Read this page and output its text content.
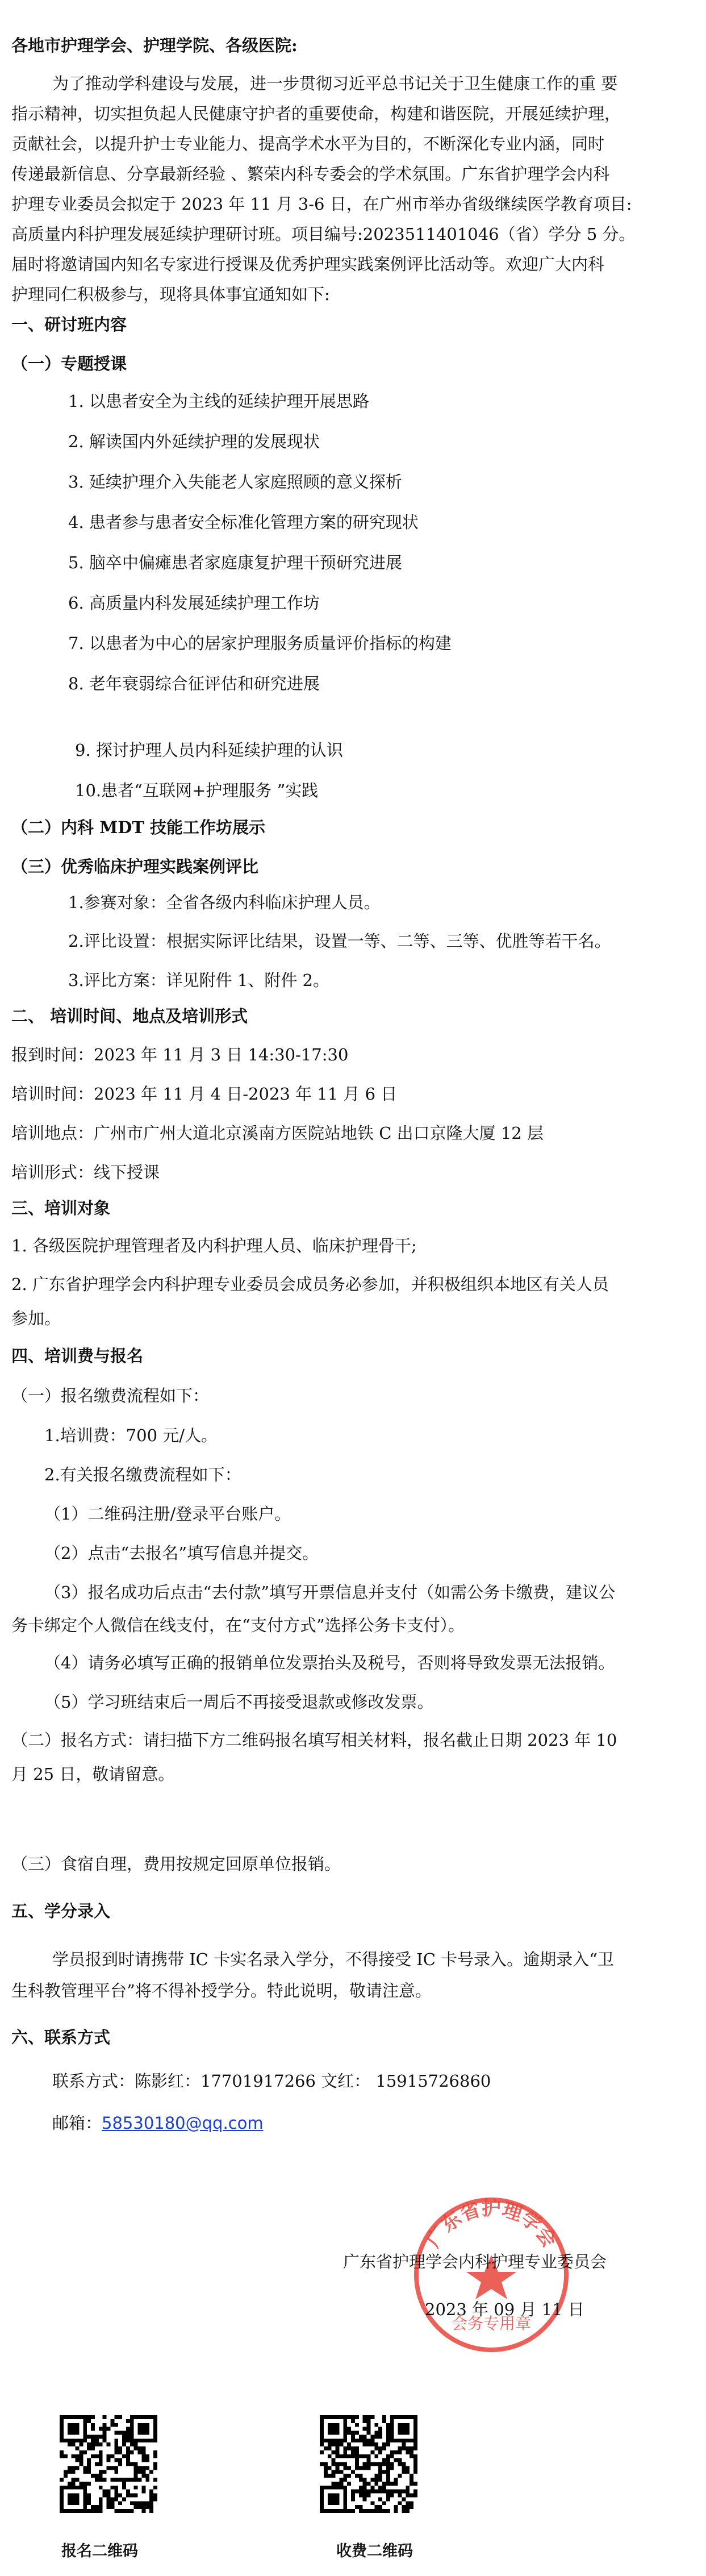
各地市护理学会、护理学院、各级医院:
为了推动学科建设与发展，进一步贯彻习近平总书记关于卫生健康工作的重 要
指示精神，切实担负起人民健康守护者的重要使命，构建和谐医院，开展延续护理，
贡献社会，以提升护士专业能力、提高学术水平为目的，不断深化专业内涵，同时
传递最新信息、分享最新经验 、繁荣内科专委会的学术氛围。广东省护理学会内科
护理专业委员会拟定于 2023 年 11 月 3-6 日，在广州市举办省级继续医学教育项目:
高质量内科护理发展延续护理研讨班。项目编号:2023511401046（省）学分 5 分。
届时将邀请国内知名专家进行授课及优秀护理实践案例评比活动等。欢迎广大内科
护理同仁积极参与，现将具体事宜通知如下:
一、研讨班内容
（一）专题授课
1. 以患者安全为主线的延续护理开展思路
2. 解读国内外延续护理的发展现状
3. 延续护理介入失能老人家庭照顾的意义探析
4. 患者参与患者安全标准化管理方案的研究现状
5. 脑卒中偏瘫患者家庭康复护理干预研究进展
6. 高质量内科发展延续护理工作坊
7. 以患者为中心的居家护理服务质量评价指标的构建
8. 老年衰弱综合征评估和研究进展
9. 探讨护理人员内科延续护理的认识
10.患者“互联网+护理服务 ”实践
（二）内科 MDT 技能工作坊展示
（三）优秀临床护理实践案例评比
1.参赛对象：全省各级内科临床护理人员。
2.评比设置：根据实际评比结果，设置一等、二等、三等、优胜等若干名。
3.评比方案：详见附件 1、附件 2。
二、 培训时间、地点及培训形式
报到时间：2023 年 11 月 3 日 14:30-17:30
培训时间：2023 年 11 月 4 日-2023 年 11 月 6 日
培训地点：广州市广州大道北京溪南方医院站地铁 C 出口京隆大厦 12 层
培训形式：线下授课
三、培训对象
1. 各级医院护理管理者及内科护理人员、临床护理骨干;
2. 广东省护理学会内科护理专业委员会成员务必参加，并积极组织本地区有关人员
参加。
四、培训费与报名
（一）报名缴费流程如下：
1.培训费：700 元/人。
2.有关报名缴费流程如下：
（1）二维码注册/登录平台账户。
（2）点击“去报名”填写信息并提交。
（3）报名成功后点击“去付款”填写开票信息并支付（如需公务卡缴费，建议公
务卡绑定个人微信在线支付，在“支付方式”选择公务卡支付）。
（4）请务必填写正确的报销单位发票抬头及税号，否则将导致发票无法报销。
（5）学习班结束后一周后不再接受退款或修改发票。
（二）报名方式：请扫描下方二维码报名填写相关材料，报名截止日期 2023 年 10
月 25 日，敬请留意。
（三）食宿自理，费用按规定回原单位报销。
五、学分录入
学员报到时请携带 IC 卡实名录入学分，不得接受 IC 卡号录入。逾期录入“卫
生科教管理平台”将不得补授学分。特此说明，敬请注意。
六、联系方式
联系方式：陈影红：17701917266 文红： 15915726860
邮箱：58530180@qq.com
广东省护理学会
会务专用章
广东省护理学会内科护理专业委员会
2023 年 09 月 11 日
报名二维码	收费二维码
